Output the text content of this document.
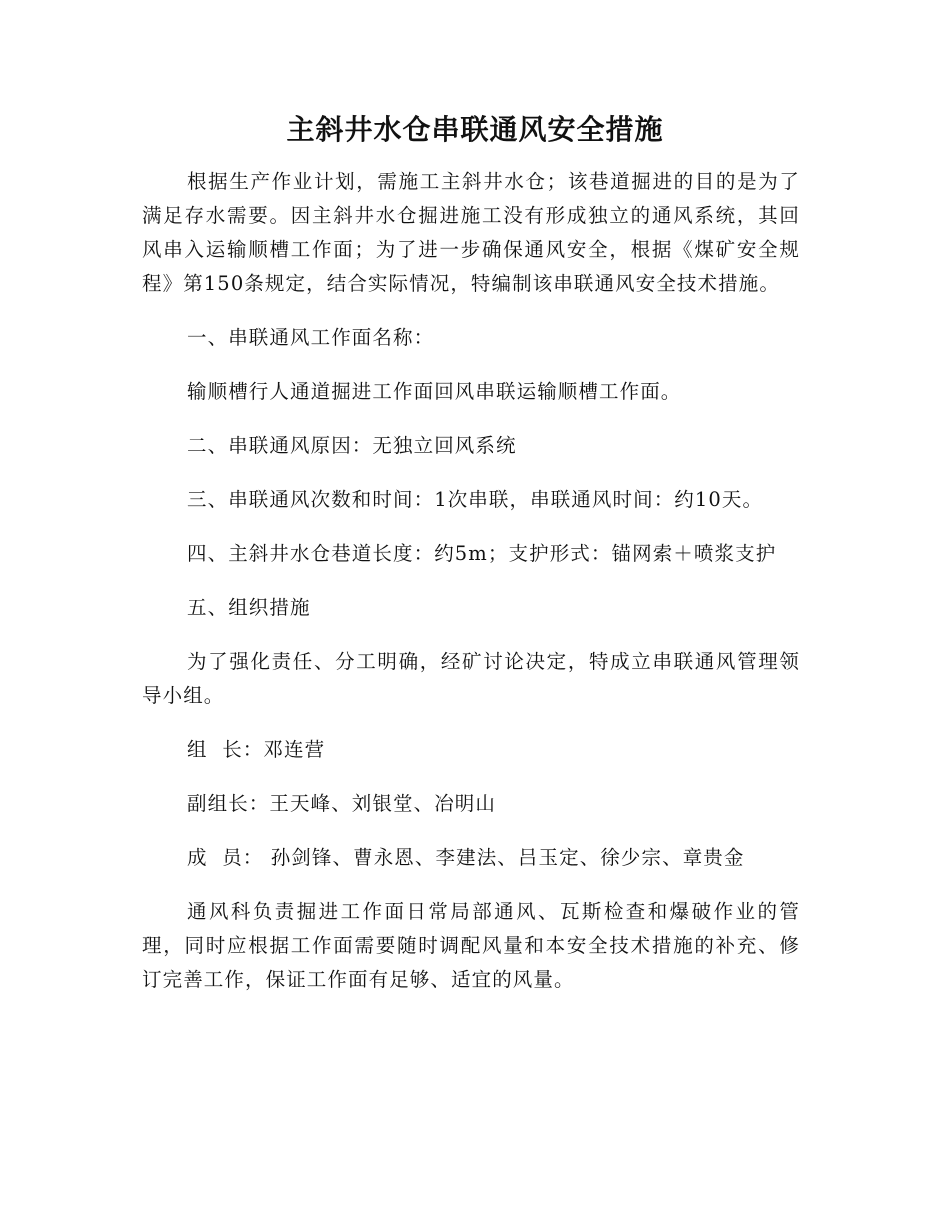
主斜井水仓串联通风安全措施

根据生产作业计划，需施工主斜井水仓；该巷道掘进的目的是为了满足存水需要。因主斜井水仓掘进施工没有形成独立的通风系统，其回风串入运输顺槽工作面；为了进一步确保通风安全，根据《煤矿安全规程》第150条规定，结合实际情况，特编制该串联通风安全技术措施。

一、串联通风工作面名称：

输顺槽行人通道掘进工作面回风串联运输顺槽工作面。

二、串联通风原因：无独立回风系统

三、串联通风次数和时间：1次串联，串联通风时间：约10天。

四、主斜井水仓巷道长度：约5m；支护形式：锚网索＋喷浆支护

五、组织措施

为了强化责任、分工明确，经矿讨论决定，特成立串联通风管理领导小组。

组  长：邓连营

副组长：王天峰、刘银堂、冶明山

成  员： 孙剑锋、曹永恩、李建法、吕玉定、徐少宗、章贵金

通风科负责掘进工作面日常局部通风、瓦斯检查和爆破作业的管理，同时应根据工作面需要随时调配风量和本安全技术措施的补充、修订完善工作，保证工作面有足够、适宜的风量。
